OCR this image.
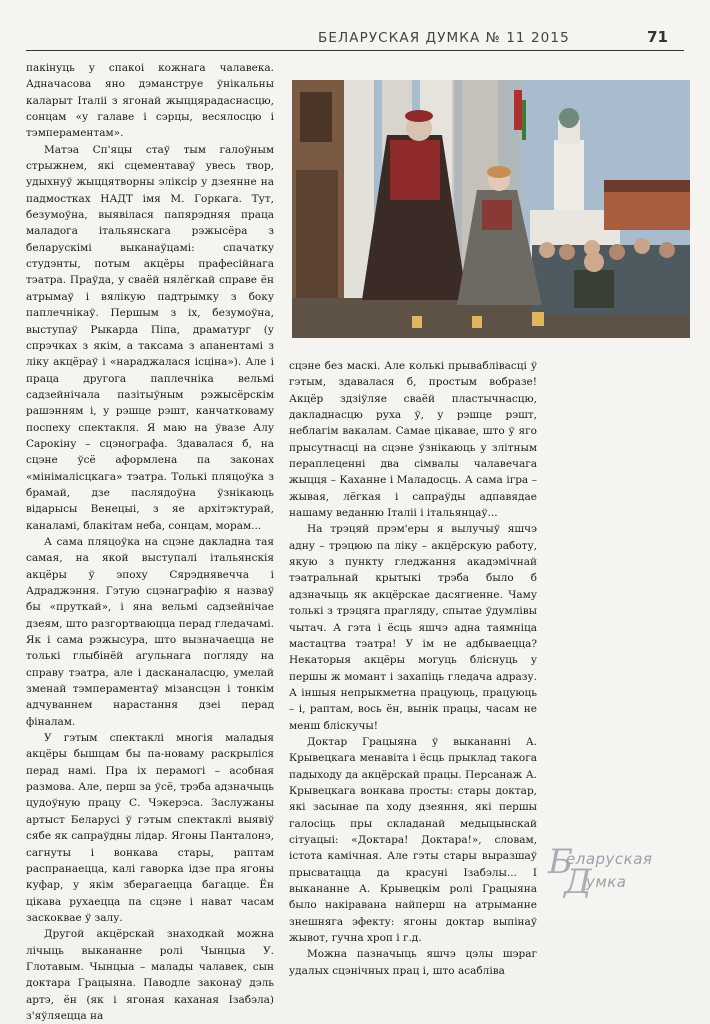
БЕЛАРУСКАЯ ДУМКА № 11 2015	71

пакінуць у спакоі кожнага чалавека. Адначасова яно дэманструе ўнікальны каларыт Італіі з ягонай жыццярадаснасцю, сонцам «у галаве і сэрцы, весялосцю і тэмпераментам».

Матэа Сп'яцы стаў тым галоўным стрыжнем, які сцементаваў увесь твор, удыхнуў жыццятворны эліксір у дзеянне на падмостках НАДТ імя М. Горкага. Тут, безумоўна, выявілася папярэдняя праца маладога італьянскага рэжысёра з беларускімі выканаўцамі: спачатку студэнты, потым акцёры прафесійнага тэатра. Праўда, у сваёй нялёгкай справе ён атрымаў і вялікую падтрымку з боку паплечнікаў. Першым з іх, безумоўна, выступаў Рыкарда Піпа, драматург (у спрэчках з якім, а таксама з апанентамі з ліку акцёраў і «нараджалася ісціна»). Але і праца другога паплечніка вельмі садзейнічала пазітыўным рэжысёрскім рашэнням і, у рэшце рэшт, канчатковаму поспеху спектакля. Я маю на ўвазе Алу Сарокіну – сцэнографа. Здавалася б, на сцэне ўсё аформлена па законах «мінімалісцкага» тэатра. Толькі пляцоўка з брамай, дзе паслядоўна ўзнікаюць відарысы Венецыі, з яе архітэктурай, каналамі, блакітам неба, сонцам, морам...

А сама пляцоўка на сцэне дакладна тая самая, на якой выступалі італьянскія акцёры ў эпоху Сярэднявечча і Адраджэння. Гэтую сцэнаграфію я назваў бы «пруткай», і яна вельмі садзейнічае дзеям, што разгортваюцца перад гледачамі. Як і сама рэжысура, што вызначаецца не толькі глыбінёй агульнага погляду на справу тэатра, але і дасканаласцю, умелай зменай тэмпераментаў мізансцэн і тонкім адчуваннем нарастання дзеі перад фіналам.

У гэтым спектаклі многія маладыя акцёры бышцам бы па-новаму раскрыліся перад намі. Пра іх перамогі – асобная размова. Але, перш за ўсё, трэба адзначыць цудоўную працу С. Чэкерэса. Заслужаны артыст Беларусі ў гэтым спектаклі выявіў сябе як сапраўдны лідар. Ягоны Панталонэ, сагнуты і вонкава стары, раптам распранаецца, калі гаворка ідзе пра ягоны куфар, у якім зберагаецца багацце. Ён цікава рухаецца па сцэне і нават часам заскоквае ў залу.

Другой акцёрскай знаходкай можна лічыць выкананне ролі Чынцыа У. Глотавым. Чынцыа – малады чалавек, сын доктара Грацыяна. Паводле законаў дэль артэ, ён (як і ягоная каханая Ізабэла) з'яўляецца на

сцэне без маскі. Але колькі прываблівасці ў гэтым, здавалася б, простым вобразе! Акцёр здзіўляе сваёй пластычнасцю, дакладнасцю руха ў, у рэшце рэшт, неблагім вакалам. Самае цікавае, што ў яго прысутнасці на сцэне ўзнікаюць у злітным пераплеценні два сімвалы чалавечага жыцця – Каханне і Маладосць. А сама ігра – жывая, лёгкая і сапраўды адпавядае нашаму веданню Італіі і італьянцаў...

На трэцяй прэм'еры я вылучыў яшчэ адну – трэцюю па ліку – акцёрскую работу, якую з пункту гледжання акадэмічнай тэатральнай крытыкі трэба было б адзначыць як акцёрскае дасягненне. Чаму толькі з трэцяга прагляду, спытае ўдумлівы чытач. А гэта і ёсць яшчэ адна таямніца мастацтва тэатра! У ім не адбываецца? Некаторыя акцёры могуць бліснуць у першы ж момант і захапіць гледача адразу. А іншыя непрыкметна працуюць, працуюць – і, раптам, вось ён, вынік працы, часам не менш бліскучы!

Доктар Грацыяна ў выкананні А. Крывецкага менавіта і ёсць прыклад такога падыходу да акцёрскай працы. Персанаж А. Крывецкага вонкава просты: стары доктар, які засынае па ходу дзеяння, які першы галосіць пры складанай медыцынскай сітуацыі: «Доктара! Доктара!», словам, істота камічная. Але гэты стары выразшаў прысватацца да красуні Ізабэлы... І выкананне А. Крывецкім ролі Грацыяна было накіравана найперш на атрыманне знешняга эфекту: ягоны доктар выпінаў жывот, гучна хроп і г.д.

Можна пазначыць яшчэ цэлы шэраг удалых сцэнічных прац і, што асабліва

Б
еларуская
Д
умка
